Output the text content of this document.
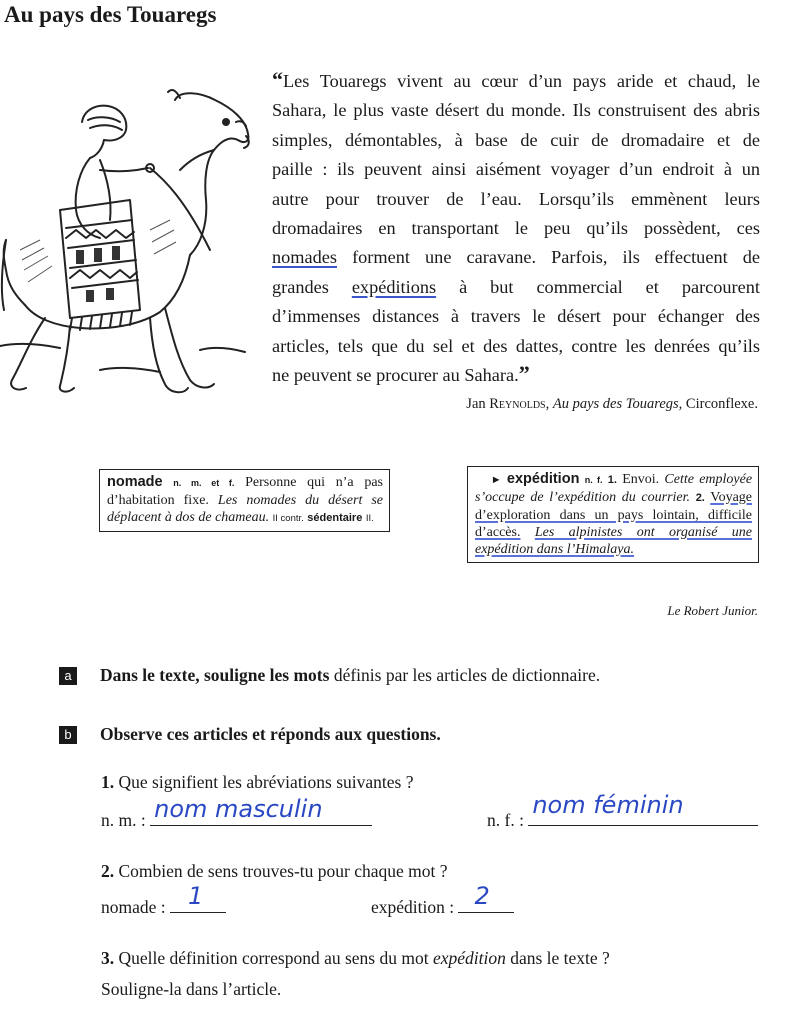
Au pays des Touaregs
“Les Touaregs vivent au cœur d’un pays aride et chaud, le
Sahara, le plus vaste désert du monde. Ils construisent des abris
simples, démontables, à base de cuir de dromadaire et de
paille : ils peuvent ainsi aisément voyager d’un endroit à un
autre pour trouver de l’eau. Lorsqu’ils emmènent leurs
dromadaires en transportant le peu qu’ils possèdent, ces
nomades forment une caravane. Parfois, ils effectuent de
grandes expéditions à but commercial et parcourent
d’immenses distances à travers le désert pour échanger des
articles, tels que du sel et des dattes, contre les denrées qu’ils
ne peuvent se procurer au Sahara.”
Jan Reynolds, Au pays des Touaregs, Circonflexe.
nomade n. m. et f. Personne qui n’a pas d’habitation fixe. Les nomades du désert se déplacent à dos de chameau. II contr. sédentaire II.
► expédition n. f. 1. Envoi. Cette employée s’occupe de l’expédition du courrier. 2. Voyage d’exploration dans un pays lointain, difficile d’accès. Les alpinistes ont organisé une expédition dans l’Himalaya.
Le Robert Junior.
a Dans le texte, souligne les mots définis par les articles de dictionnaire.
b Observe ces articles et réponds aux questions.
1. Que signifient les abréviations suivantes ?
n. m. : nom masculin	n. f. :
nom féminin
2. Combien de sens trouves-tu pour chaque mot ?
nomade : 1	expédition : 2
3. Quelle définition correspond au sens du mot expédition dans le texte ?
Souligne-la dans l’article.
